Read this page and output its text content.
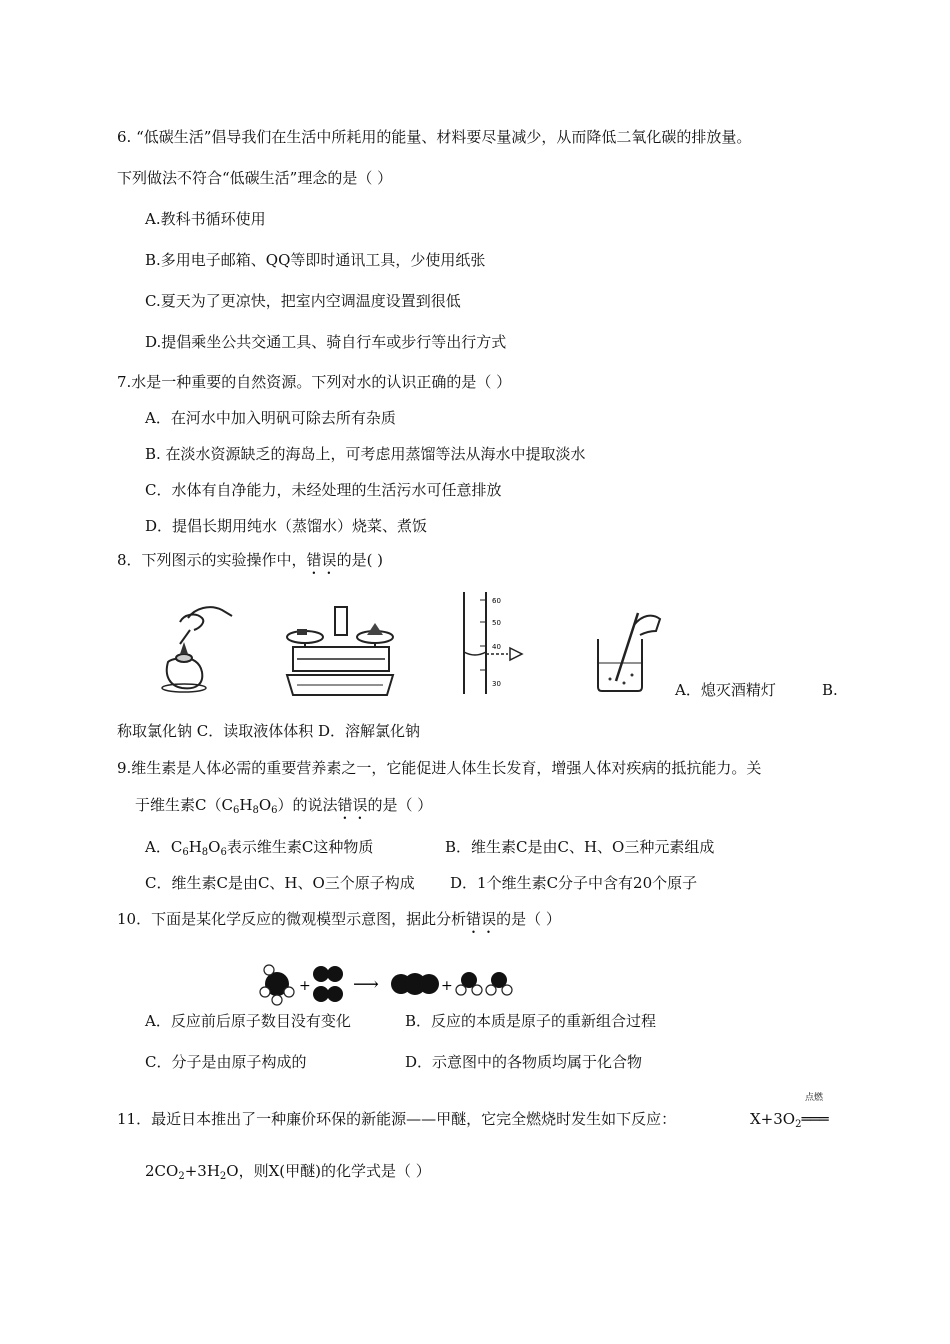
6. “低碳生活”倡导我们在生活中所耗用的能量、材料要尽量减少，从而降低二氧化碳的排放量。
下列做法不符合“低碳生活”理念的是（ ）
A.教科书循环使用
B.多用电子邮箱、QQ等即时通讯工具，少使用纸张
C.夏天为了更凉快，把室内空调温度设置到很低
D.提倡乘坐公共交通工具、骑自行车或步行等出行方式
7.水是一种重要的自然资源。下列对水的认识正确的是（ ）
A．在河水中加入明矾可除去所有杂质
B. 在淡水资源缺乏的海岛上，可考虑用蒸馏等法从海水中提取淡水
C．水体有自净能力，未经处理的生活污水可任意排放
D．提倡长期用纯水（蒸馏水）烧菜、煮饭
8．下列图示的实验操作中，错误的是( )
60
50
40
30	A．熄灭酒精灯	B.
称取氯化钠 C．读取液体体积 D．溶解氯化钠
9.维生素是人体必需的重要营养素之一，它能促进人体生长发育，增强人体对疾病的抵抗能力。关
于维生素$C(C_6H_8O_6)$的说法错误的是（ ）
A．$C_6H_8O_6$表示维生素C这种物质	B．维生素C是由C、H、O三种元素组成
C．维生素C是由C、H、O三个原子构成 D．1个维生素C分子中含有20个原子
10．下面是某化学反应的微观模型示意图，据此分析错误的是（ ）
+ ⟶	+
A．反应前后原子数目没有变化	B．反应的本质是原子的重新组合过程
C．分子是由原子构成的	D．示意图中的各物质均属于化合物
点燃
11．最近日本推出了一种廉价环保的新能源——甲醚，它完全燃烧时发生如下反应：	$X+3O_2═══$
$2CO_2+3H_2O$，则X(甲醚)的化学式是（ ）
